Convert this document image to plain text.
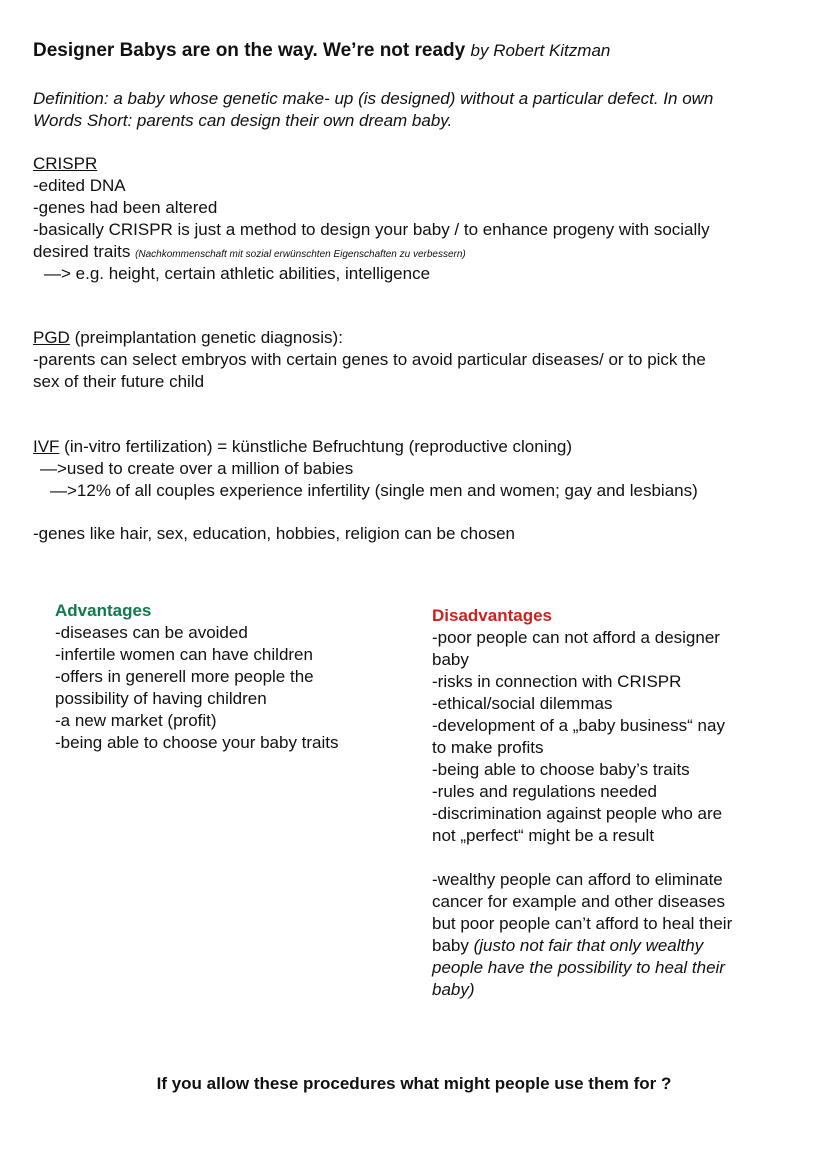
Designer Babys are on the way. We’re not ready by Robert Kitzman
Definition: a baby whose genetic make- up (is designed) without a particular defect. In own
Words Short: parents can design their own dream baby.
CRISPR
-edited DNA
-genes had been altered
-basically CRISPR is just a method to design your baby / to enhance progeny with socially
desired traits (Nachkommenschaft mit sozial erwünschten Eigenschaften zu verbessern)
—> e.g. height, certain athletic abilities, intelligence
PGD (preimplantation genetic diagnosis):
-parents can select embryos with certain genes to avoid particular diseases/ or to pick the
sex of their future child
IVF (in-vitro fertilization) = künstliche Befruchtung (reproductive cloning)
—>used to create over a million of babies
—>12% of all couples experience infertility (single men and women; gay and lesbians)
-genes like hair, sex, education, hobbies, religion can be chosen
Advantages
-diseases can be avoided
-infertile women can have children
-offers in generell more people the
possibility of having children
-a new market (profit)
-being able to choose your baby traits
Disadvantages
-poor people can not afford a designer
baby
-risks in connection with CRISPR
-ethical/social dilemmas
-development of a „baby business“ nay
to make profits
-being able to choose baby’s traits
-rules and regulations needed
-discrimination against people who are
not „perfect“ might be a result
-wealthy people can afford to eliminate
cancer for example and other diseases
but poor people can’t afford to heal their
baby (justo not fair that only wealthy
people have the possibility to heal their
baby)
If you allow these procedures what might people use them for ?
